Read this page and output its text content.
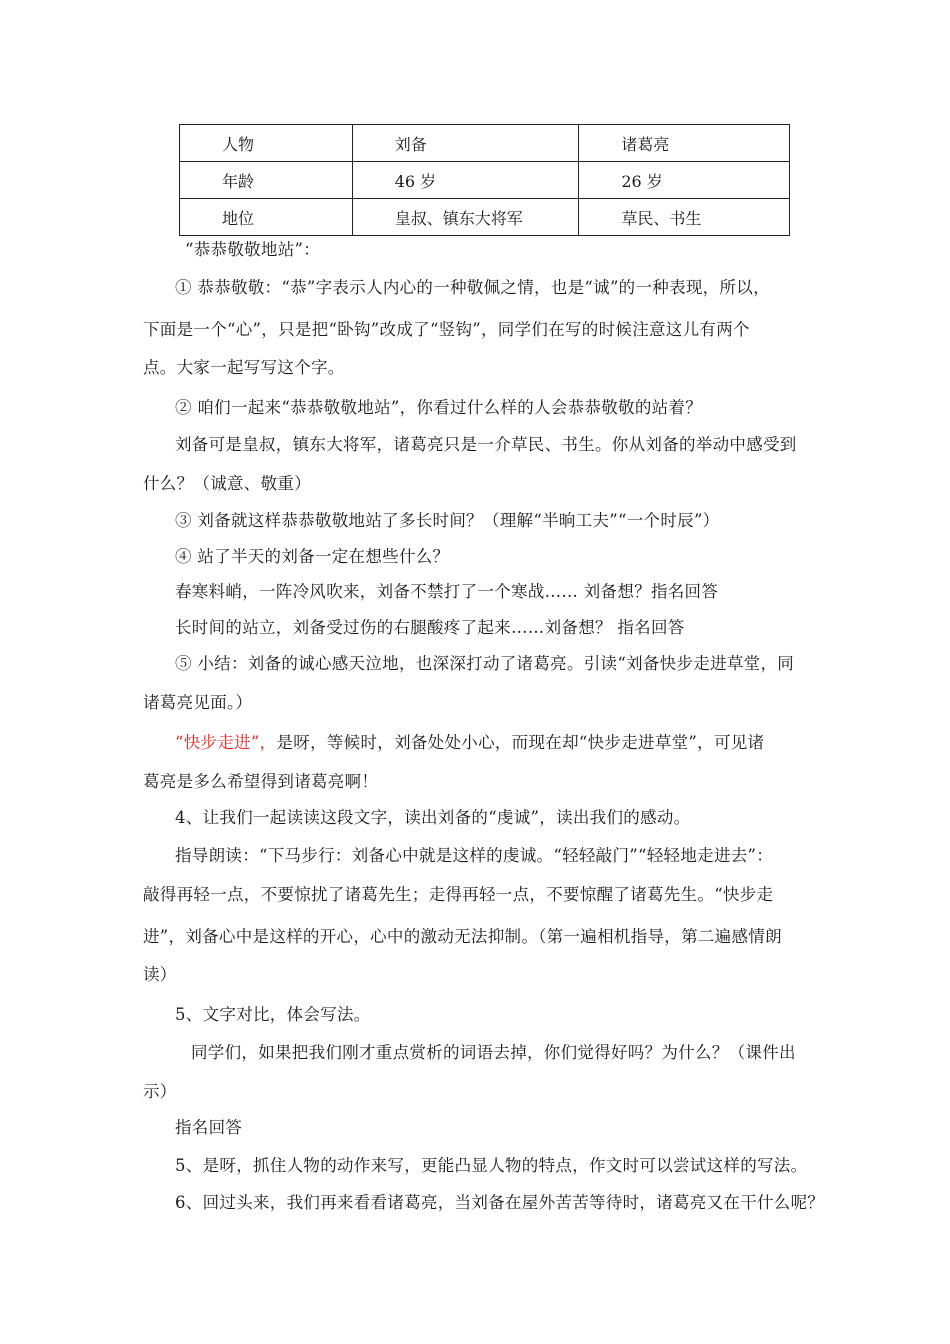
人物	刘备	诸葛亮
年龄	46 岁	26 岁
地位	皇叔、镇东大将军	草民、书生
“恭恭敬敬地站”：
① 恭恭敬敬：“恭”字表示人内心的一种敬佩之情，也是“诚”的一种表现，所以，
下面是一个“心”，只是把“卧钩”改成了“竖钩”，同学们在写的时候注意这儿有两个
点。大家一起写写这个字。
② 咱们一起来“恭恭敬敬地站”，你看过什么样的人会恭恭敬敬的站着？
刘备可是皇叔，镇东大将军，诸葛亮只是一介草民、书生。你从刘备的举动中感受到
什么？（诚意、敬重）
③ 刘备就这样恭恭敬敬地站了多长时间？（理解“半晌工夫”“一个时辰”）
④ 站了半天的刘备一定在想些什么？
春寒料峭，一阵冷风吹来，刘备不禁打了一个寒战…… 刘备想？指名回答
长时间的站立，刘备受过伤的右腿酸疼了起来……刘备想？ 指名回答
⑤ 小结：刘备的诚心感天泣地，也深深打动了诸葛亮。引读“刘备快步走进草堂，同
诸葛亮见面。）
“快步走进”，是呀，等候时，刘备处处小心，而现在却“快步走进草堂”，可见诸
葛亮是多么希望得到诸葛亮啊！
4、让我们一起读读这段文字，读出刘备的“虔诚”，读出我们的感动。
指导朗读：“下马步行：刘备心中就是这样的虔诚。“轻轻敲门”“轻轻地走进去”：
敲得再轻一点，不要惊扰了诸葛先生；走得再轻一点，不要惊醒了诸葛先生。“快步走
进”，刘备心中是这样的开心，心中的激动无法抑制。（第一遍相机指导，第二遍感情朗
读）
5、文字对比，体会写法。
同学们，如果把我们刚才重点赏析的词语去掉，你们觉得好吗？为什么？（课件出
示）
指名回答
5、是呀，抓住人物的动作来写，更能凸显人物的特点，作文时可以尝试这样的写法。
6、回过头来，我们再来看看诸葛亮，当刘备在屋外苦苦等待时，诸葛亮又在干什么呢？
